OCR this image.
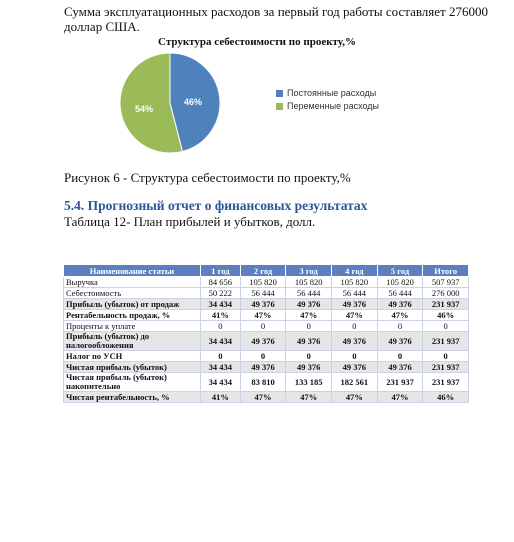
Сумма эксплуатационных расходов за первый год работы составляет 276000
доллар США.
Структура себестоимости по проекту,%
46%
54%
Постоянные расходы
Переменные расходы
Рисунок 6 - Структура себестоимости по проекту,%
5.4. Прогнозный отчет о финансовых результатах
Таблица 12- План прибылей и убытков, долл.
Наименование статьи	1 год	2 год	3 год	4 год	5 год	Итого
Выручка	84 656	105 820	105 820	105 820	105 820	507 937
Себестоимость	50 222	56 444	56 444	56 444	56 444	276 000
Прибыль (убыток) от продаж	34 434	49 376	49 376	49 376	49 376	231 937
Рентабельность продаж, %	41%	47%	47%	47%	47%	46%
Проценты к уплате	0	0	0	0	0	0
Прибыль (убыток) до налогообложения	34 434	49 376	49 376	49 376	49 376	231 937
Налог по УСН	0	0	0	0	0	0
Чистая прибыль (убыток)	34 434	49 376	49 376	49 376	49 376	231 937
Чистая прибыль (убыток) накопительно	34 434	83 810	133 185	182 561	231 937	231 937
Чистая рентабельность, %	41%	47%	47%	47%	47%	46%
